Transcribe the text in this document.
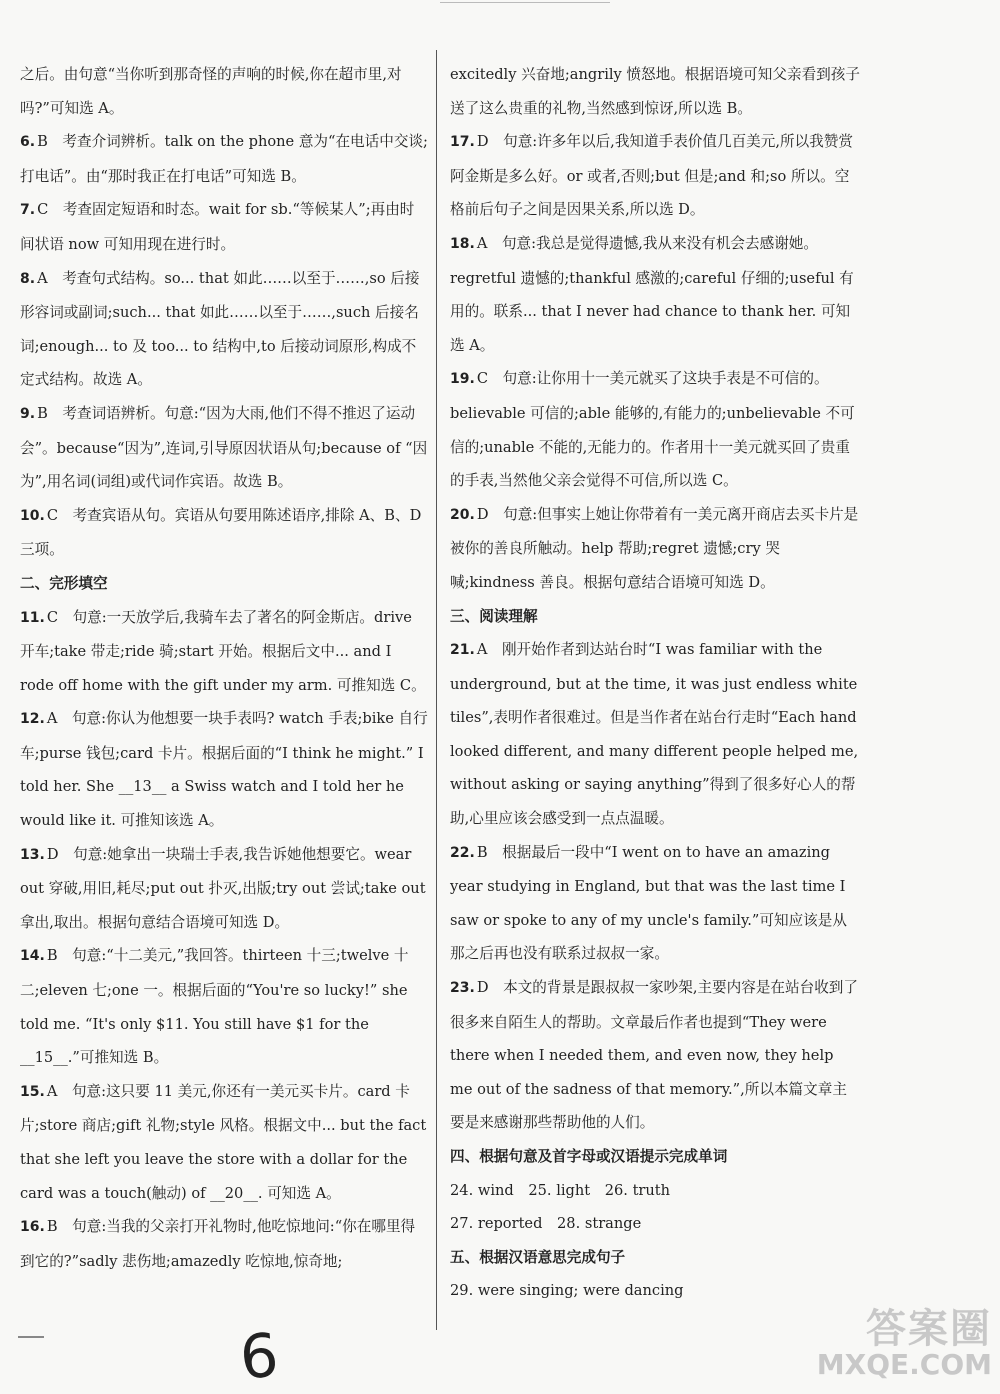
之后。由句意“当你听到那奇怪的声响的时候,你在超市里,对吗?”可知选 A。

6. B　考查介词辨析。talk on the phone 意为“在电话中交谈;打电话”。由“那时我正在打电话”可知选 B。

7. C　考查固定短语和时态。wait for sb.“等候某人”;再由时间状语 now 可知用现在进行时。

8. A　考查句式结构。so... that 如此……以至于……,so 后接形容词或副词;such... that 如此……以至于……,such 后接名词;enough... to 及 too... to 结构中,to 后接动词原形,构成不定式结构。故选 A。

9. B　考查词语辨析。句意:“因为大雨,他们不得不推迟了运动会”。because“因为”,连词,引导原因状语从句;because of “因为”,用名词(词组)或代词作宾语。故选 B。

10. C　考查宾语从句。宾语从句要用陈述语序,排除 A、B、D 三项。

二、完形填空

11. C　句意:一天放学后,我骑车去了著名的阿金斯店。drive 开车;take 带走;ride 骑;start 开始。根据后文中... and I rode off home with the gift under my arm. 可推知选 C。

12. A　句意:你认为他想要一块手表吗? watch 手表;bike 自行车;purse 钱包;card 卡片。根据后面的“I think he might.” I told her. She __13__ a Swiss watch and I told her he would like it. 可推知该选 A。

13. D　句意:她拿出一块瑞士手表,我告诉她他想要它。wear out 穿破,用旧,耗尽;put out 扑灭,出版;try out 尝试;take out 拿出,取出。根据句意结合语境可知选 D。

14. B　句意:“十二美元,”我回答。thirteen 十三;twelve 十二;eleven 七;one 一。根据后面的“You're so lucky!” she told me. “It's only $11. You still have $1 for the __15__.”可推知选 B。

15. A　句意:这只要 11 美元,你还有一美元买卡片。card 卡片;store 商店;gift 礼物;style 风格。根据文中... but the fact that she left you leave the store with a dollar for the card was a touch(触动) of __20__. 可知选 A。

16. B　句意:当我的父亲打开礼物时,他吃惊地问:“你在哪里得到它的?”sadly 悲伤地;amazedly 吃惊地,惊奇地;

excitedly 兴奋地;angrily 愤怒地。根据语境可知父亲看到孩子送了这么贵重的礼物,当然感到惊讶,所以选 B。

17. D　句意:许多年以后,我知道手表价值几百美元,所以我赞赏阿金斯是多么好。or 或者,否则;but 但是;and 和;so 所以。空格前后句子之间是因果关系,所以选 D。

18. A　句意:我总是觉得遗憾,我从来没有机会去感谢她。regretful 遗憾的;thankful 感激的;careful 仔细的;useful 有用的。联系... that I never had chance to thank her. 可知选 A。

19. C　句意:让你用十一美元就买了这块手表是不可信的。believable 可信的;able 能够的,有能力的;unbelievable 不可信的;unable 不能的,无能力的。作者用十一美元就买回了贵重的手表,当然他父亲会觉得不可信,所以选 C。

20. D　句意:但事实上她让你带着有一美元离开商店去买卡片是被你的善良所触动。help 帮助;regret 遗憾;cry 哭喊;kindness 善良。根据句意结合语境可知选 D。

三、阅读理解

21. A　刚开始作者到达站台时“I was familiar with the underground, but at the time, it was just endless white tiles”,表明作者很难过。但是当作者在站台行走时“Each hand looked different, and many different people helped me, without asking or saying anything”得到了很多好心人的帮助,心里应该会感受到一点点温暖。

22. B　根据最后一段中“I went on to have an amazing year studying in England, but that was the last time I saw or spoke to any of my uncle's family.”可知应该是从那之后再也没有联系过叔叔一家。

23. D　本文的背景是跟叔叔一家吵架,主要内容是在站台收到了很多来自陌生人的帮助。文章最后作者也提到“They were there when I needed them, and even now, they help me out of the sadness of that memory.”,所以本篇文章主要是来感谢那些帮助他的人们。

四、根据句意及首字母或汉语提示完成单词

24. wind　25. light　26. truth

27. reported　28. strange

五、根据汉语意思完成句子

29. were singing; were dancing

6	答案圈
MXQE.COM
